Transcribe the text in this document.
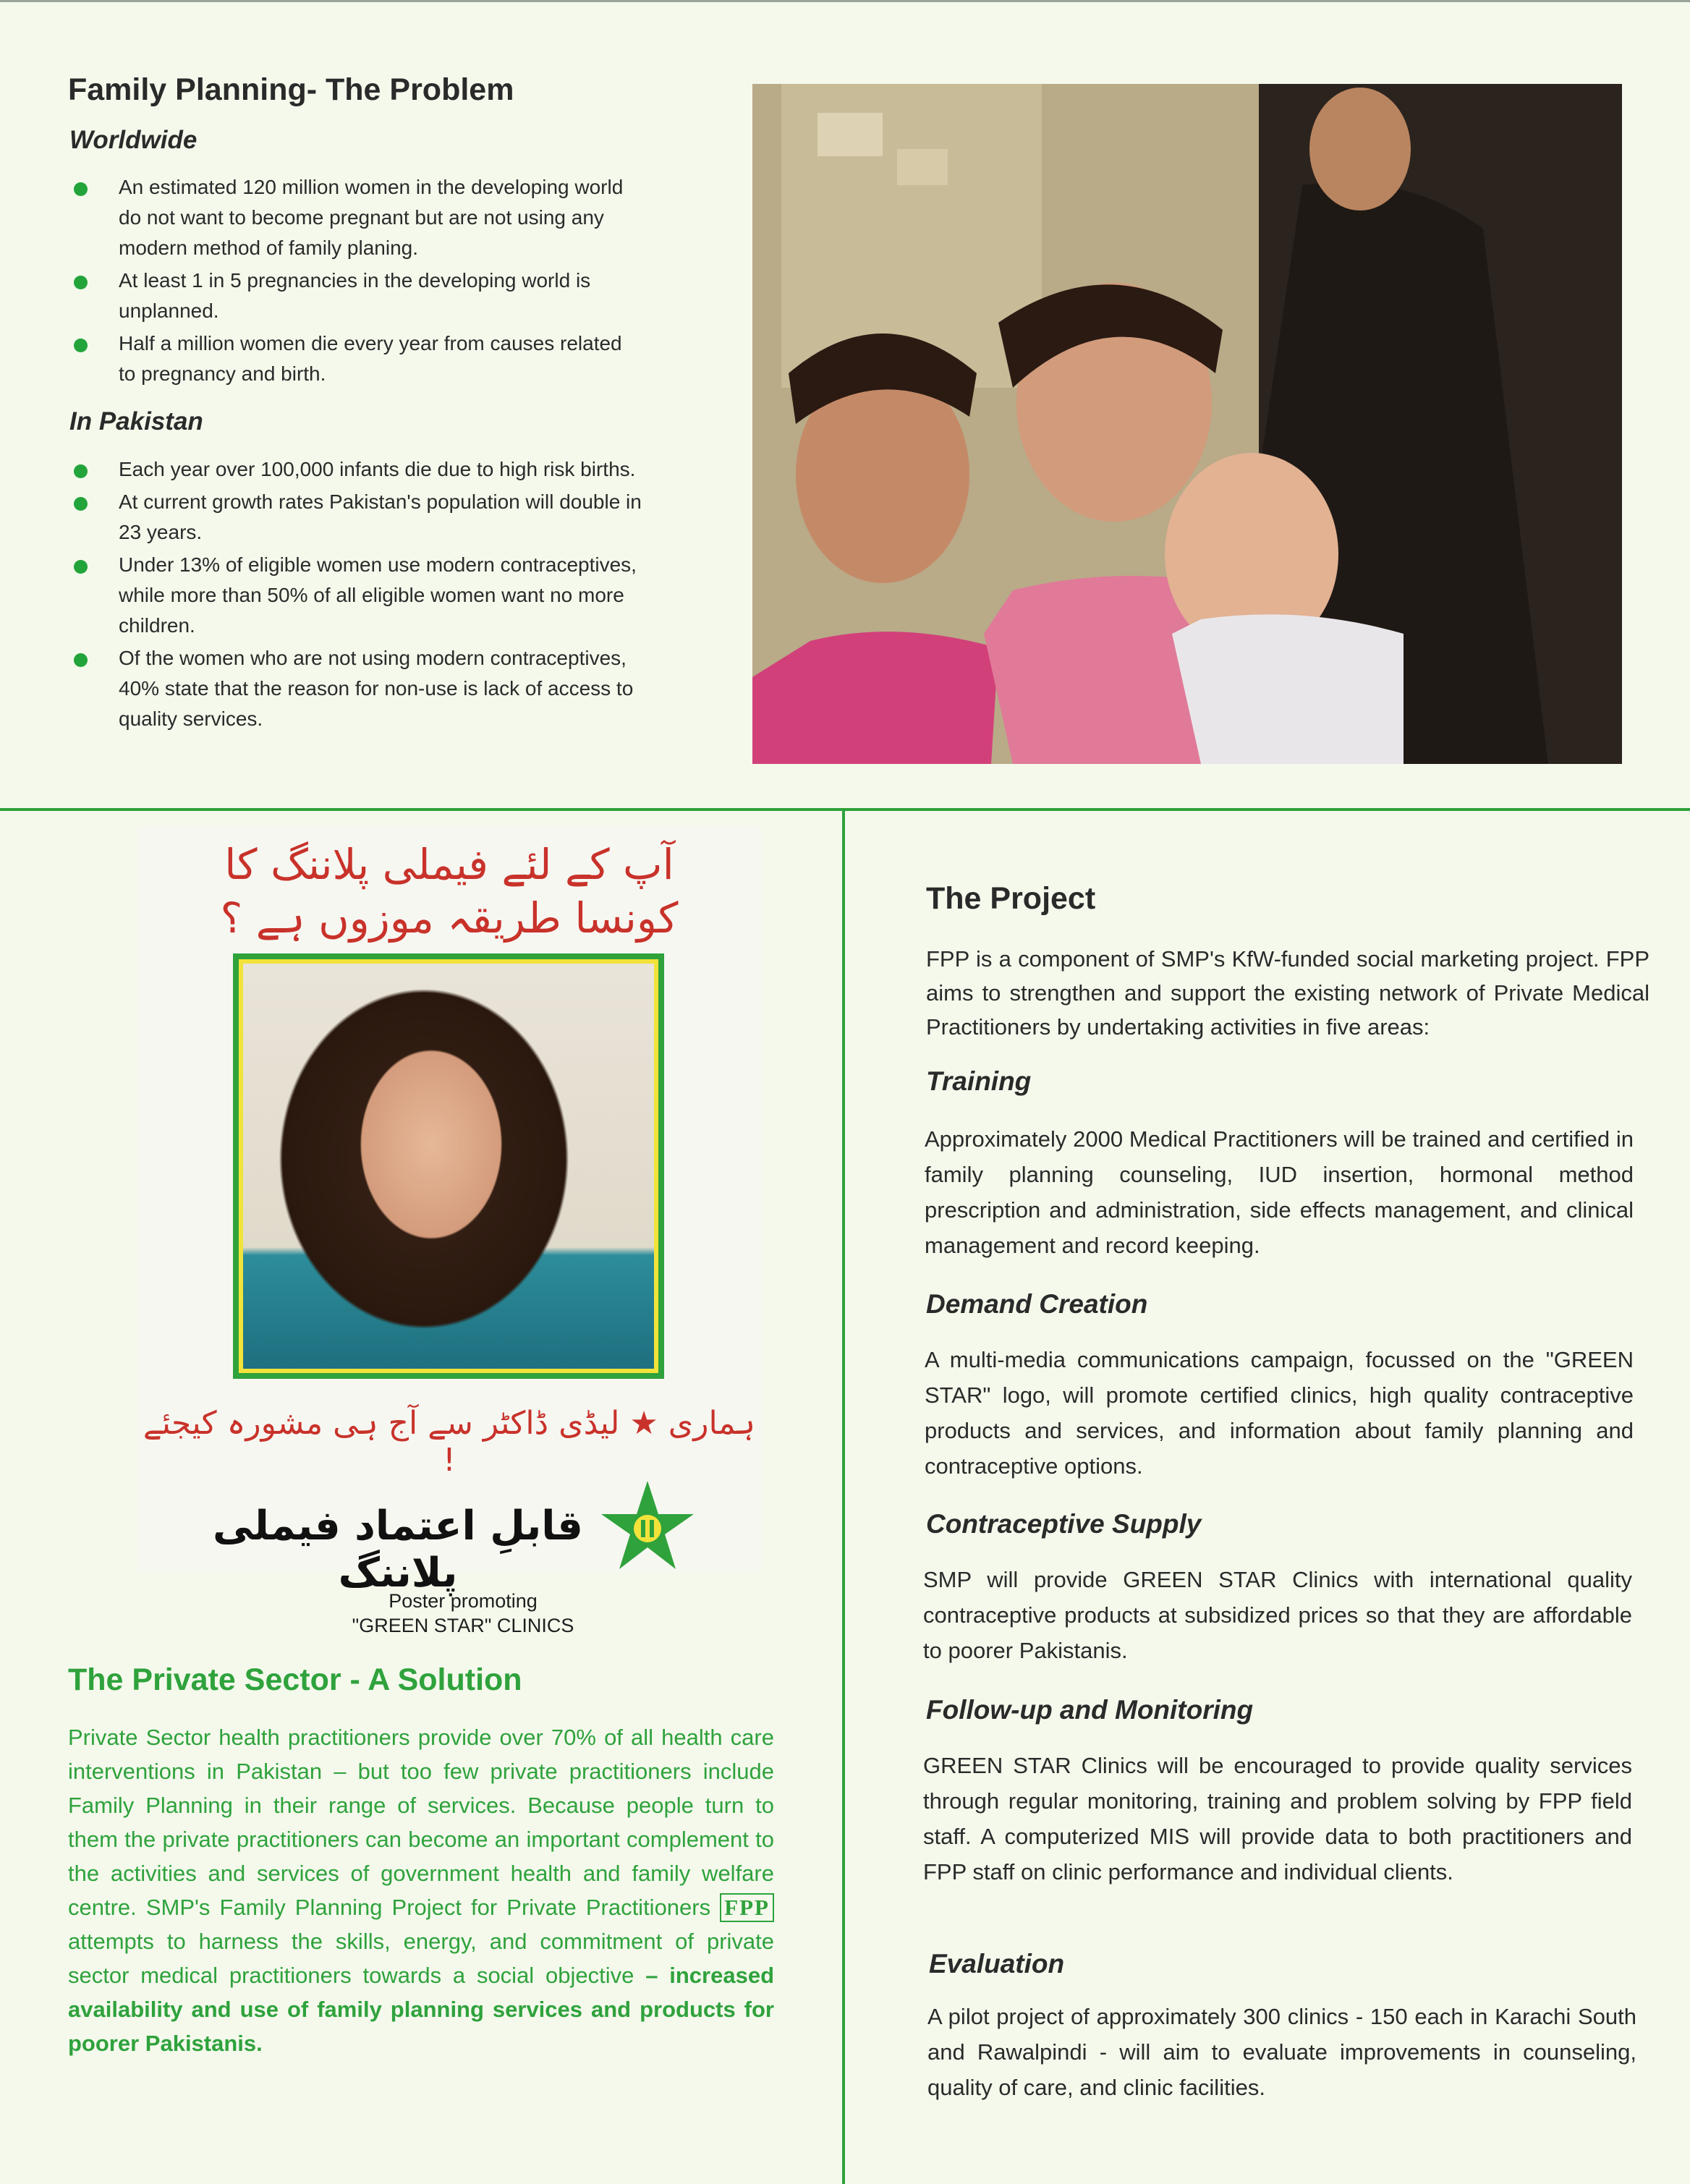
Family Planning- The Problem
Worldwide
An estimated 120 million women in the developing world do not want to become pregnant but are not using any modern method of family planing.
At least 1 in 5 pregnancies in the developing world is unplanned.
Half a million women die every year from causes related to pregnancy and birth.
In Pakistan
Each year over 100,000 infants die due to high risk births.
At current growth rates Pakistan's population will double in 23 years.
Under 13% of eligible women use modern contraceptives, while more than 50% of all eligible women want no more children.
Of the women who are not using modern contraceptives, 40% state that the reason for non-use is lack of access to quality services.
آپ کے لئے فیملی پلاننگ کا
کونسا طریقہ موزوں ہے ؟
ہماری ★ لیڈی ڈاکٹر سے آج ہی مشورہ کیجئے !
قابلِ اعتماد فیملی پلاننگ
Poster promoting
"GREEN STAR" CLINICS
The Private Sector - A Solution

Private Sector health practitioners provide over 70% of all health care interventions in Pakistan – but too few private practitioners include Family Planning in their range of services. Because people turn to them the private practitioners can become an important complement to the activities and services of government health and family welfare centre. SMP's Family Planning Project for Private Practitioners FPP attempts to harness the skills, energy, and commitment of private sector medical practitioners towards a social objective – increased availability and use of family planning services and products for poorer Pakistanis.

The Project

FPP is a component of SMP's KfW-funded social marketing project. FPP aims to strengthen and support the existing network of Private Medical Practitioners by undertaking activities in five areas:

Training

Approximately 2000 Medical Practitioners will be trained and certified in family planning counseling, IUD insertion, hormonal method prescription and administration, side effects management, and clinical management and record keeping.

Demand Creation

A multi-media communications campaign, focussed on the "GREEN STAR" logo, will promote certified clinics, high quality contraceptive products and services, and information about family planning and contraceptive options.

Contraceptive Supply

SMP will provide GREEN STAR Clinics with international quality contraceptive products at subsidized prices so that they are affordable to poorer Pakistanis.

Follow-up and Monitoring

GREEN STAR Clinics will be encouraged to provide quality services through regular monitoring, training and problem solving by FPP field staff. A computerized MIS will provide data to both practitioners and FPP staff on clinic performance and individual clients.

Evaluation

A pilot project of approximately 300 clinics - 150 each in Karachi South and Rawalpindi - will aim to evaluate improvements in counseling, quality of care, and clinic facilities.
